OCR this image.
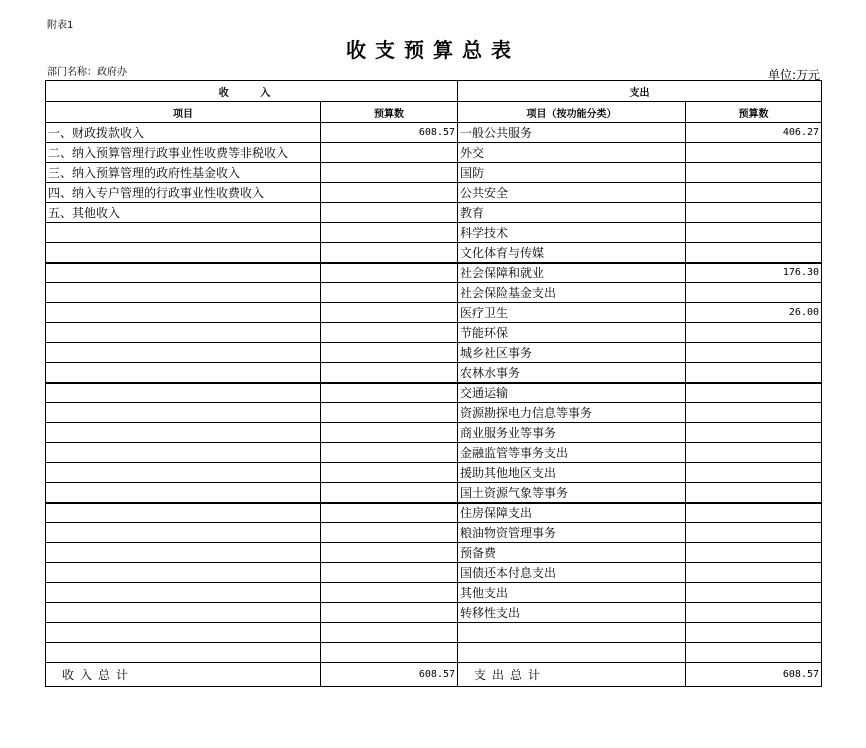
附表1
收支预算总表
部门名称：政府办	单位:万元
收 入		支出	
项目	预算数	项目（按功能分类）	预算数
一、财政拨款收入	608.57	一般公共服务	406.27
二、纳入预算管理行政事业性收费等非税收入		外交	
三、纳入预算管理的政府性基金收入		国防	
四、纳入专户管理的行政事业性收费收入		公共安全	
五、其他收入		教育	
		科学技术	
		文化体育与传媒	
		社会保障和就业	176.30
		社会保险基金支出	
		医疗卫生	26.00
		节能环保	
		城乡社区事务	
		农林水事务	
		交通运输	
		资源勘探电力信息等事务	
		商业服务业等事务	
		金融监管等事务支出	
		援助其他地区支出	
		国土资源气象等事务	
		住房保障支出	
		粮油物资管理事务	
		预备费	
		国债还本付息支出	
		其他支出	
		转移性支出	

收入总计	608.57	支出总计	608.57
